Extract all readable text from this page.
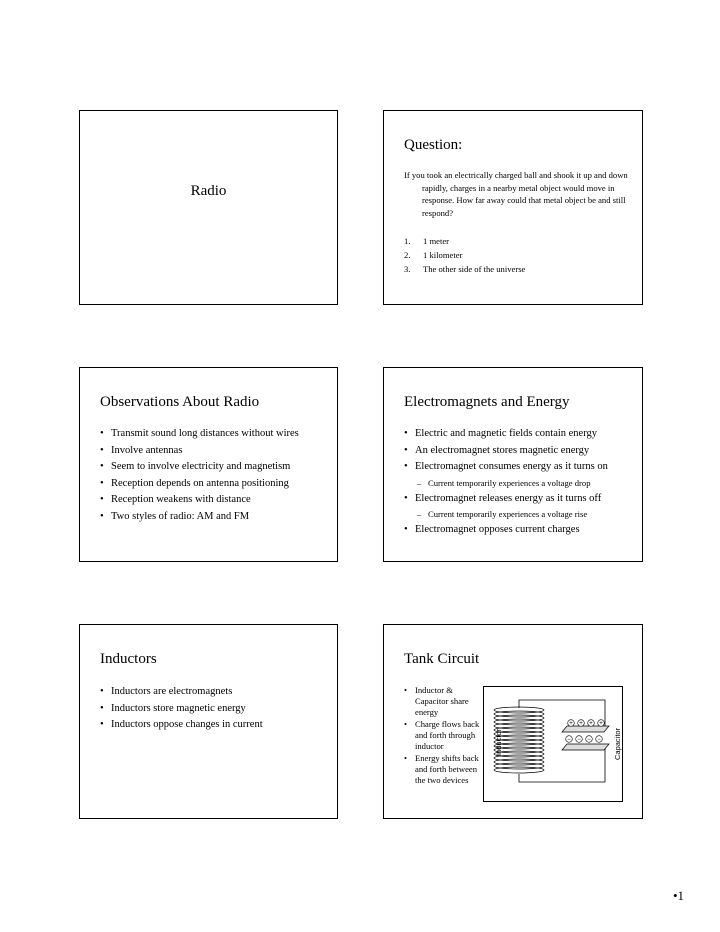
Radio
Question:

If you took an electrically charged ball and shook it up and down rapidly, charges in a nearby metal object would move in response. How far away could that metal object be and still respond?

1. 1 meter
2. 1 kilometer
3. The other side of the universe
Observations About Radio
• Transmit sound long distances without wires
• Involve antennas
• Seem to involve electricity and magnetism
• Reception depends on antenna positioning
• Reception weakens with distance
• Two styles of radio: AM and FM
Electromagnets and Energy
• Electric and magnetic fields contain energy
• An electromagnet stores magnetic energy
• Electromagnet consumes energy as it turns on
– Current temporarily experiences a voltage drop
• Electromagnet releases energy as it turns off
– Current temporarily experiences a voltage rise
• Electromagnet opposes current charges
Inductors
• Inductors are electromagnets
• Inductors store magnetic energy
• Inductors oppose changes in current
Tank Circuit
• Inductor & Capacitor share energy
• Charge flows back and forth through inductor
• Energy shifts back and forth between the two devices
Inductor
+ + + +
− − − − Capacitor
•1
